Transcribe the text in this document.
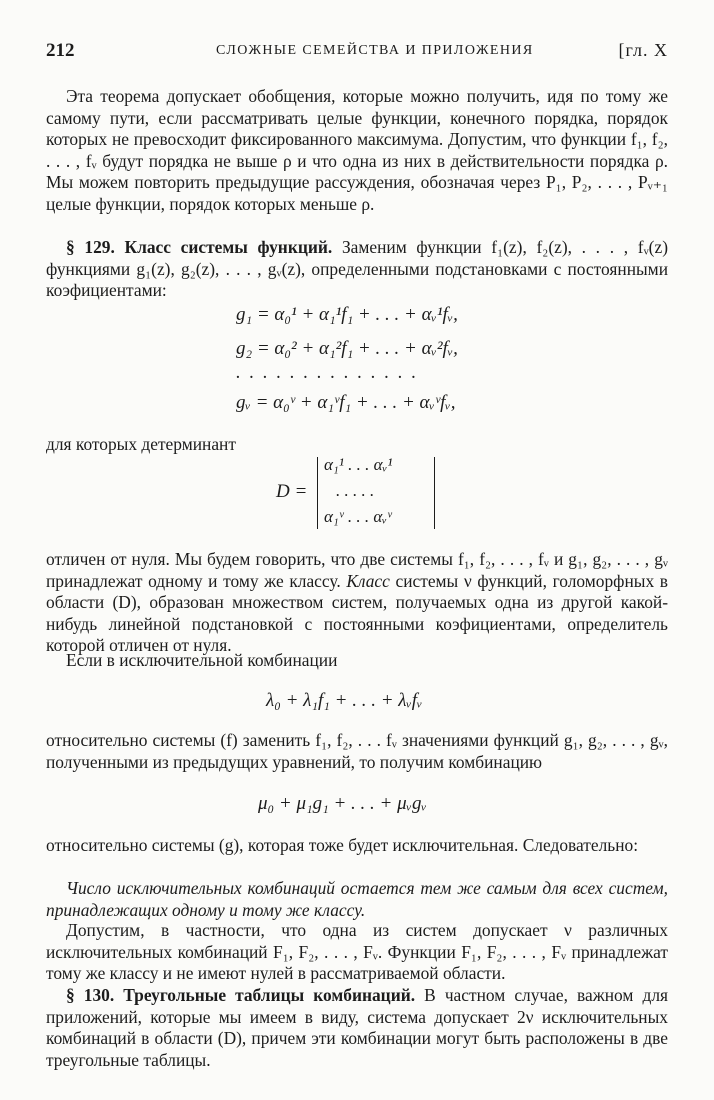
212	СЛОЖНЫЕ СЕМЕЙСТВА И ПРИЛОЖЕНИЯ	[гл. X

Эта теорема допускает обобщения, которые можно получить, идя по тому же самому пути, если рассматривать целые функции, конечного порядка, порядок которых не превосходит фиксированного максимума. Допустим, что функции f₁, f₂, . . . , fᵥ будут порядка не выше ρ и что одна из них в действительности порядка ρ. Мы можем повторить предыдущие рассуждения, обозначая через P₁, P₂, . . . , Pᵥ₊₁ целые функции, порядок которых меньше ρ.

§ 129. Класс системы функций. Заменим функции f₁(z), f₂(z), . . . , fᵥ(z) функциями g₁(z), g₂(z), . . . , gᵥ(z), определенными подстановками с постоянными коэфициентами:

g₁ = α₀¹ + α₁¹f₁ + . . . + αᵥ¹fᵥ,
g₂ = α₀² + α₁²f₁ + . . . + αᵥ²fᵥ,
. . . . . . . . . . . . . .
gᵥ = α₀ᵛ + α₁ᵛf₁ + . . . + αᵥᵛfᵥ,

для которых детерминант

D =
α₁¹ . . . αᵥ¹
. . . . .
α₁ᵛ . . . αᵥᵛ

отличен от нуля. Мы будем говорить, что две системы f₁, f₂, . . . , fᵥ и g₁, g₂, . . . , gᵥ принадлежат одному и тому же классу. Класс системы ν функций, голоморфных в области (D), образован множеством систем, получаемых одна из другой какой-нибудь линейной подстановкой с постоянными коэфициентами, определитель которой отличен от нуля.

Если в исключительной комбинации

λ₀ + λ₁f₁ + . . . + λᵥfᵥ

относительно системы (f) заменить f₁, f₂, . . . fᵥ значениями функций g₁, g₂, . . . , gᵥ, полученными из предыдущих уравнений, то получим комбинацию

μ₀ + μ₁g₁ + . . . + μᵥgᵥ

относительно системы (g), которая тоже будет исключительная. Следовательно:

Число исключительных комбинаций остается тем же самым для всех систем, принадлежащих одному и тому же классу.

Допустим, в частности, что одна из систем допускает ν различных исключительных комбинаций F₁, F₂, . . . , Fᵥ. Функции F₁, F₂, . . . , Fᵥ принадлежат тому же классу и не имеют нулей в рассматриваемой области.

§ 130. Треугольные таблицы комбинаций. В частном случае, важном для приложений, которые мы имеем в виду, система допускает 2ν исключительных комбинаций в области (D), причем эти комбинации могут быть расположены в две треугольные таблицы.
